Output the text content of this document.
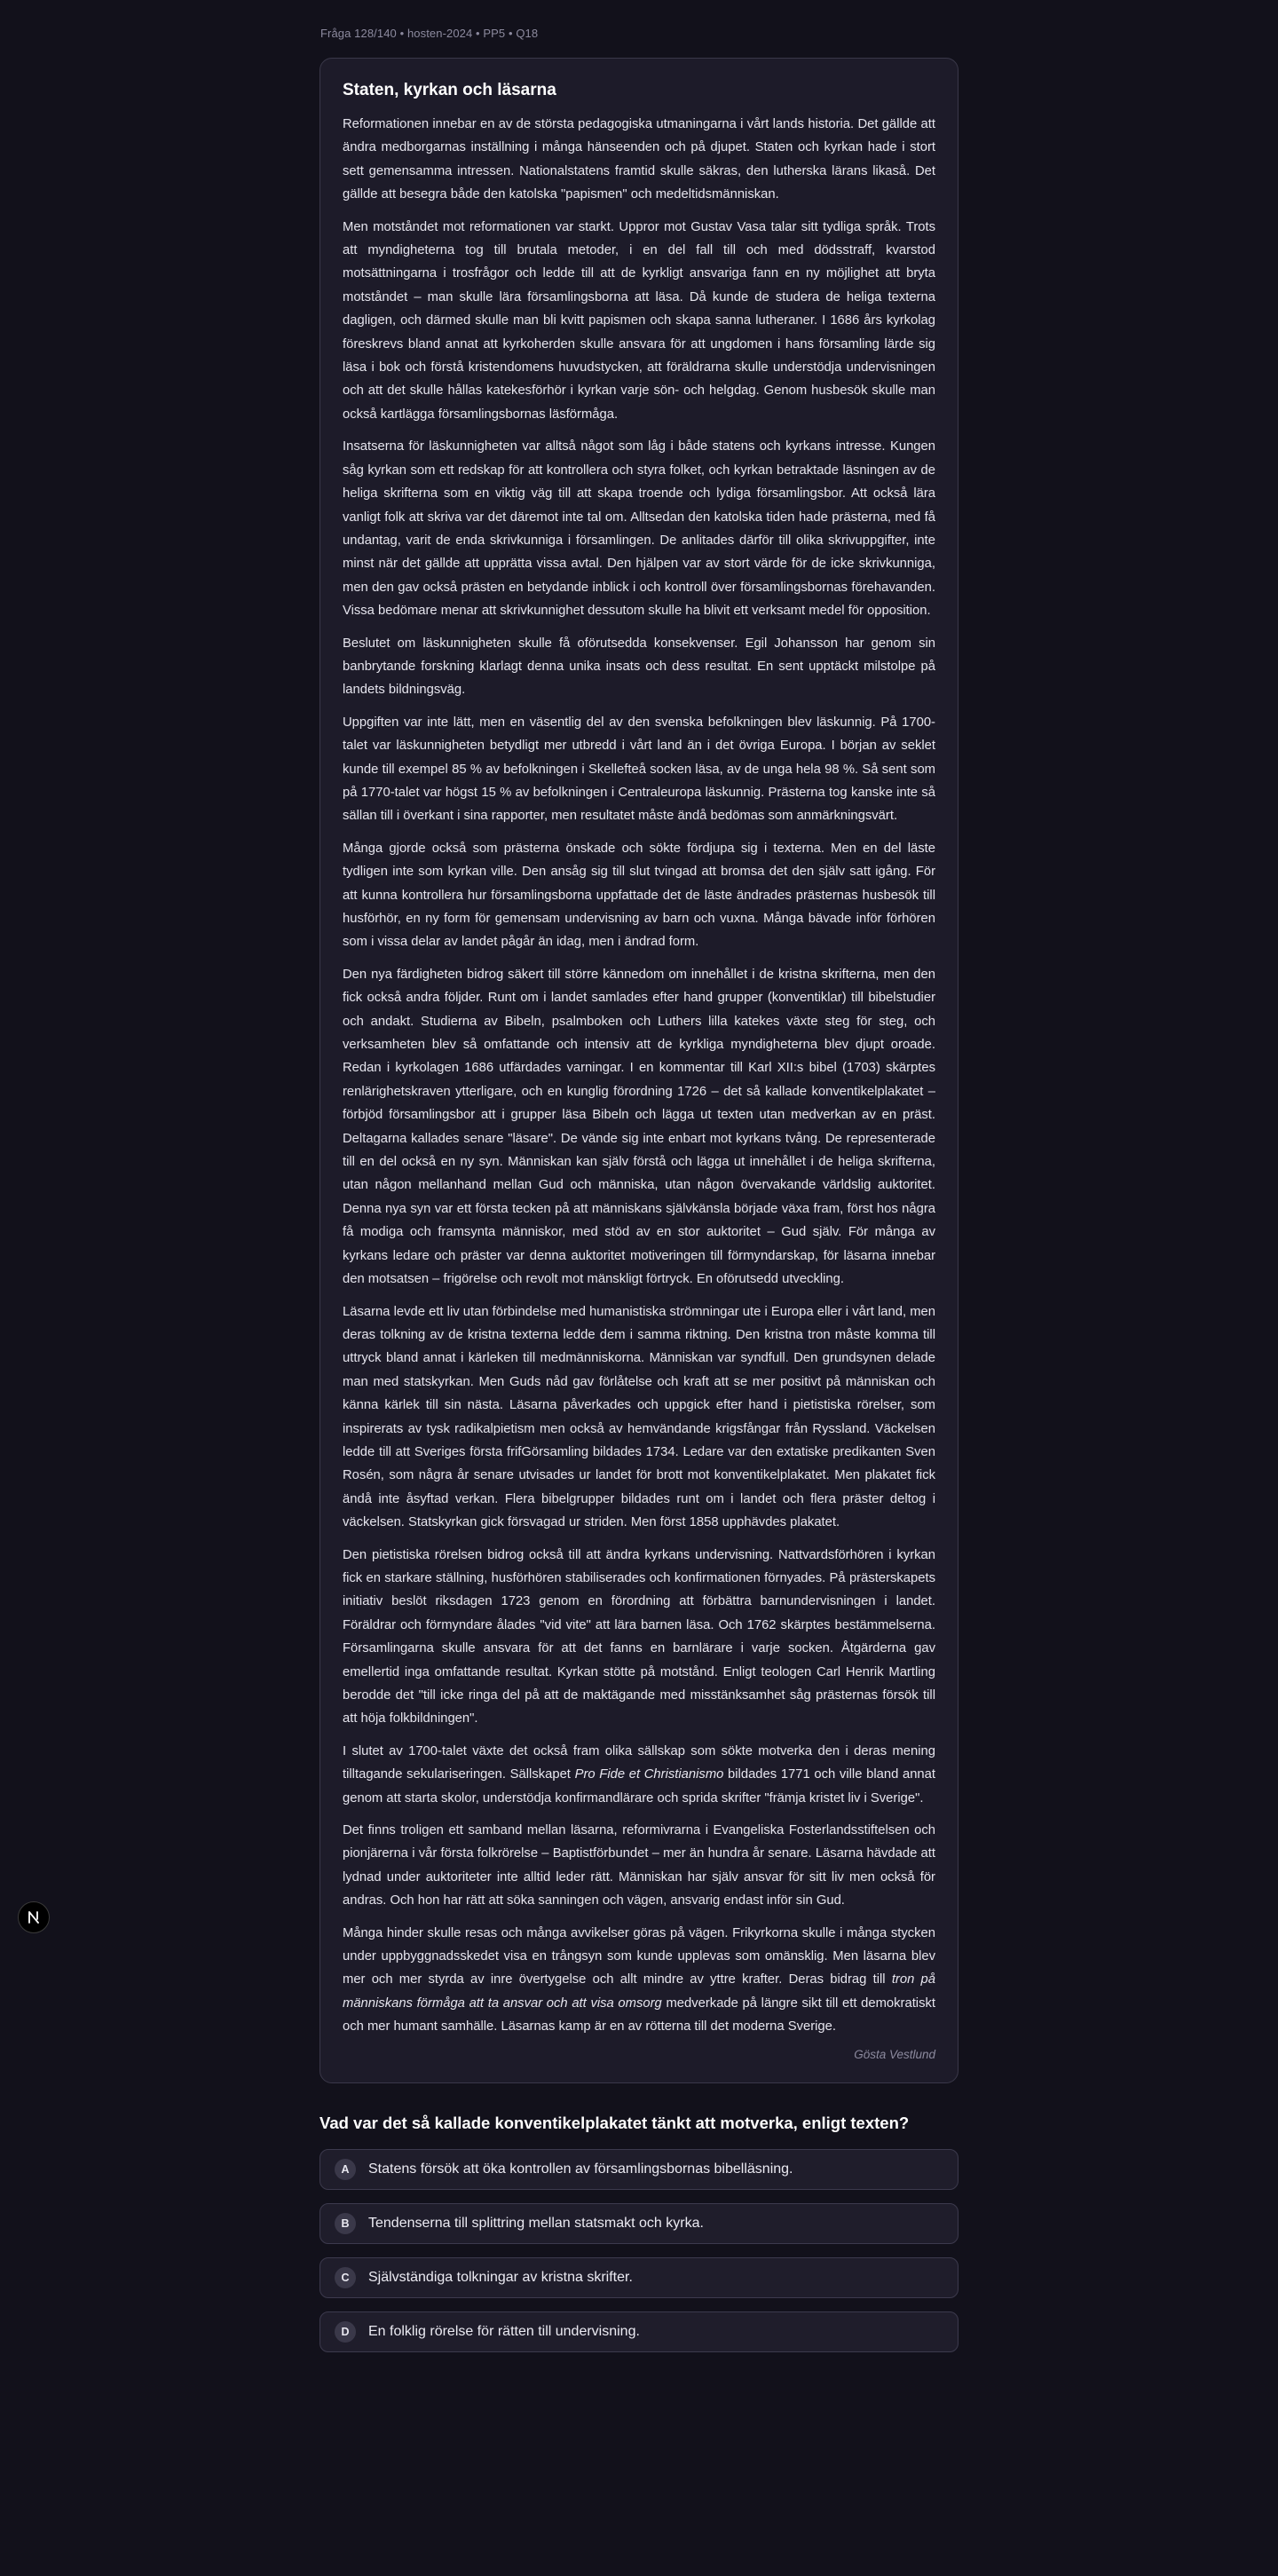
Fråga 128/140 • hosten-2024 • PP5 • Q18
Staten, kyrkan och läsarna

Reformationen innebar en av de största pedagogiska utmaningarna i vårt lands historia. Det gällde att ändra medborgarnas inställning i många hänseenden och på djupet. Staten och kyrkan hade i stort sett gemensamma intressen. Nationalstatens framtid skulle säkras, den lutherska lärans likaså. Det gällde att besegra både den katolska "papismen" och medeltidsmänniskan.

Men motståndet mot reformationen var starkt. Uppror mot Gustav Vasa talar sitt tydliga språk. Trots att myndigheterna tog till brutala metoder, i en del fall till och med dödsstraff, kvarstod motsättningarna i trosfrågor och ledde till att de kyrkligt ansvariga fann en ny möjlighet att bryta motståndet – man skulle lära församlingsborna att läsa. Då kunde de studera de heliga texterna dagligen, och därmed skulle man bli kvitt papismen och skapa sanna lutheraner. I 1686 års kyrkolag föreskrevs bland annat att kyrkoherden skulle ansvara för att ungdomen i hans församling lärde sig läsa i bok och förstå kristendomens huvudstycken, att föräldrarna skulle understödja undervisningen och att det skulle hållas katekesförhör i kyrkan varje sön- och helgdag. Genom husbesök skulle man också kartlägga församlingsbornas läsförmåga.

Insatserna för läskunnigheten var alltså något som låg i både statens och kyrkans intresse. Kungen såg kyrkan som ett redskap för att kontrollera och styra folket, och kyrkan betraktade läsningen av de heliga skrifterna som en viktig väg till att skapa troende och lydiga församlingsbor. Att också lära vanligt folk att skriva var det däremot inte tal om. Alltsedan den katolska tiden hade prästerna, med få undantag, varit de enda skrivkunniga i församlingen. De anlitades därför till olika skrivuppgifter, inte minst när det gällde att upprätta vissa avtal. Den hjälpen var av stort värde för de icke skrivkunniga, men den gav också prästen en betydande inblick i och kontroll över församlingsbornas förehavanden. Vissa bedömare menar att skrivkunnighet dessutom skulle ha blivit ett verksamt medel för opposition.

Beslutet om läskunnigheten skulle få oförutsedda konsekvenser. Egil Johansson har genom sin banbrytande forskning klarlagt denna unika insats och dess resultat. En sent upptäckt milstolpe på landets bildningsväg.

Uppgiften var inte lätt, men en väsentlig del av den svenska befolkningen blev läskunnig. På 1700-talet var läskunnigheten betydligt mer utbredd i vårt land än i det övriga Europa. I början av seklet kunde till exempel 85 % av befolkningen i Skellefteå socken läsa, av de unga hela 98 %. Så sent som på 1770-talet var högst 15 % av befolkningen i Centraleuropa läskunnig. Prästerna tog kanske inte så sällan till i överkant i sina rapporter, men resultatet måste ändå bedömas som anmärkningsvärt.

Många gjorde också som prästerna önskade och sökte fördjupa sig i texterna. Men en del läste tydligen inte som kyrkan ville. Den ansåg sig till slut tvingad att bromsa det den själv satt igång. För att kunna kontrollera hur församlingsborna uppfattade det de läste ändrades prästernas husbesök till husförhör, en ny form för gemensam undervisning av barn och vuxna. Många bävade inför förhören som i vissa delar av landet pågår än idag, men i ändrad form.

Den nya färdigheten bidrog säkert till större kännedom om innehållet i de kristna skrifterna, men den fick också andra följder. Runt om i landet samlades efter hand grupper (konventiklar) till bibelstudier och andakt. Studierna av Bibeln, psalmboken och Luthers lilla katekes växte steg för steg, och verksamheten blev så omfattande och intensiv att de kyrkliga myndigheterna blev djupt oroade. Redan i kyrkolagen 1686 utfärdades varningar. I en kommentar till Karl XII:s bibel (1703) skärptes renlärighetskraven ytterligare, och en kunglig förordning 1726 – det så kallade konventikelplakatet – förbjöd församlingsbor att i grupper läsa Bibeln och lägga ut texten utan medverkan av en präst. Deltagarna kallades senare "läsare". De vände sig inte enbart mot kyrkans tvång. De representerade till en del också en ny syn. Människan kan själv förstå och lägga ut innehållet i de heliga skrifterna, utan någon mellanhand mellan Gud och människa, utan någon övervakande världslig auktoritet. Denna nya syn var ett första tecken på att människans självkänsla började växa fram, först hos några få modiga och framsynta människor, med stöd av en stor auktoritet – Gud själv. För många av kyrkans ledare och präster var denna auktoritet motiveringen till förmyndarskap, för läsarna innebar den motsatsen – frigörelse och revolt mot mänskligt förtryck. En oförutsedd utveckling.

Läsarna levde ett liv utan förbindelse med humanistiska strömningar ute i Europa eller i vårt land, men deras tolkning av de kristna texterna ledde dem i samma riktning. Den kristna tron måste komma till uttryck bland annat i kärleken till medmänniskorna. Människan var syndfull. Den grundsynen delade man med statskyrkan. Men Guds nåd gav förlåtelse och kraft att se mer positivt på människan och känna kärlek till sin nästa. Läsarna påverkades och uppgick efter hand i pietistiska rörelser, som inspirerats av tysk radikalpietism men också av hemvändande krigsfångar från Ryssland. Väckelsen ledde till att Sveriges första frifGörsamling bildades 1734. Ledare var den extatiske predikanten Sven Rosén, som några år senare utvisades ur landet för brott mot konventikelplakatet. Men plakatet fick ändå inte åsyftad verkan. Flera bibelgrupper bildades runt om i landet och flera präster deltog i väckelsen. Statskyrkan gick försvagad ur striden. Men först 1858 upphävdes plakatet.

Den pietistiska rörelsen bidrog också till att ändra kyrkans undervisning. Nattvardsförhören i kyrkan fick en starkare ställning, husförhören stabiliserades och konfirmationen förnyades. På prästerskapets initiativ beslöt riksdagen 1723 genom en förordning att förbättra barnundervisningen i landet. Föräldrar och förmyndare ålades "vid vite" att lära barnen läsa. Och 1762 skärptes bestämmelserna. Församlingarna skulle ansvara för att det fanns en barnlärare i varje socken. Åtgärderna gav emellertid inga omfattande resultat. Kyrkan stötte på motstånd. Enligt teologen Carl Henrik Martling berodde det "till icke ringa del på att de maktägande med misstänksamhet såg prästernas försök till att höja folkbildningen".

I slutet av 1700-talet växte det också fram olika sällskap som sökte motverka den i deras mening tilltagande sekulariseringen. Sällskapet Pro Fide et Christianismo bildades 1771 och ville bland annat genom att starta skolor, understödja konfirmandlärare och sprida skrifter "främja kristet liv i Sverige".

Det finns troligen ett samband mellan läsarna, reformivrarna i Evangeliska Fosterlandsstiftelsen och pionjärerna i vår första folkrörelse – Baptistförbundet – mer än hundra år senare. Läsarna hävdade att lydnad under auktoriteter inte alltid leder rätt. Människan har själv ansvar för sitt liv men också för andras. Och hon har rätt att söka sanningen och vägen, ansvarig endast inför sin Gud.

Många hinder skulle resas och många avvikelser göras på vägen. Frikyrkorna skulle i många stycken under uppbyggnadsskedet visa en trångsyn som kunde upplevas som omänsklig. Men läsarna blev mer och mer styrda av inre övertygelse och allt mindre av yttre krafter. Deras bidrag till tron på människans förmåga att ta ansvar och att visa omsorg medverkade på längre sikt till ett demokratiskt och mer humant samhälle. Läsarnas kamp är en av rötterna till det moderna Sverige.

Gösta Vestlund
Vad var det så kallade konventikelplakatet tänkt att motverka, enligt texten?
A	Statens försök att öka kontrollen av församlingsbornas bibelläsning.
B	Tendenserna till splittring mellan statsmakt och kyrka.
C	Självständiga tolkningar av kristna skrifter.
D	En folklig rörelse för rätten till undervisning.
